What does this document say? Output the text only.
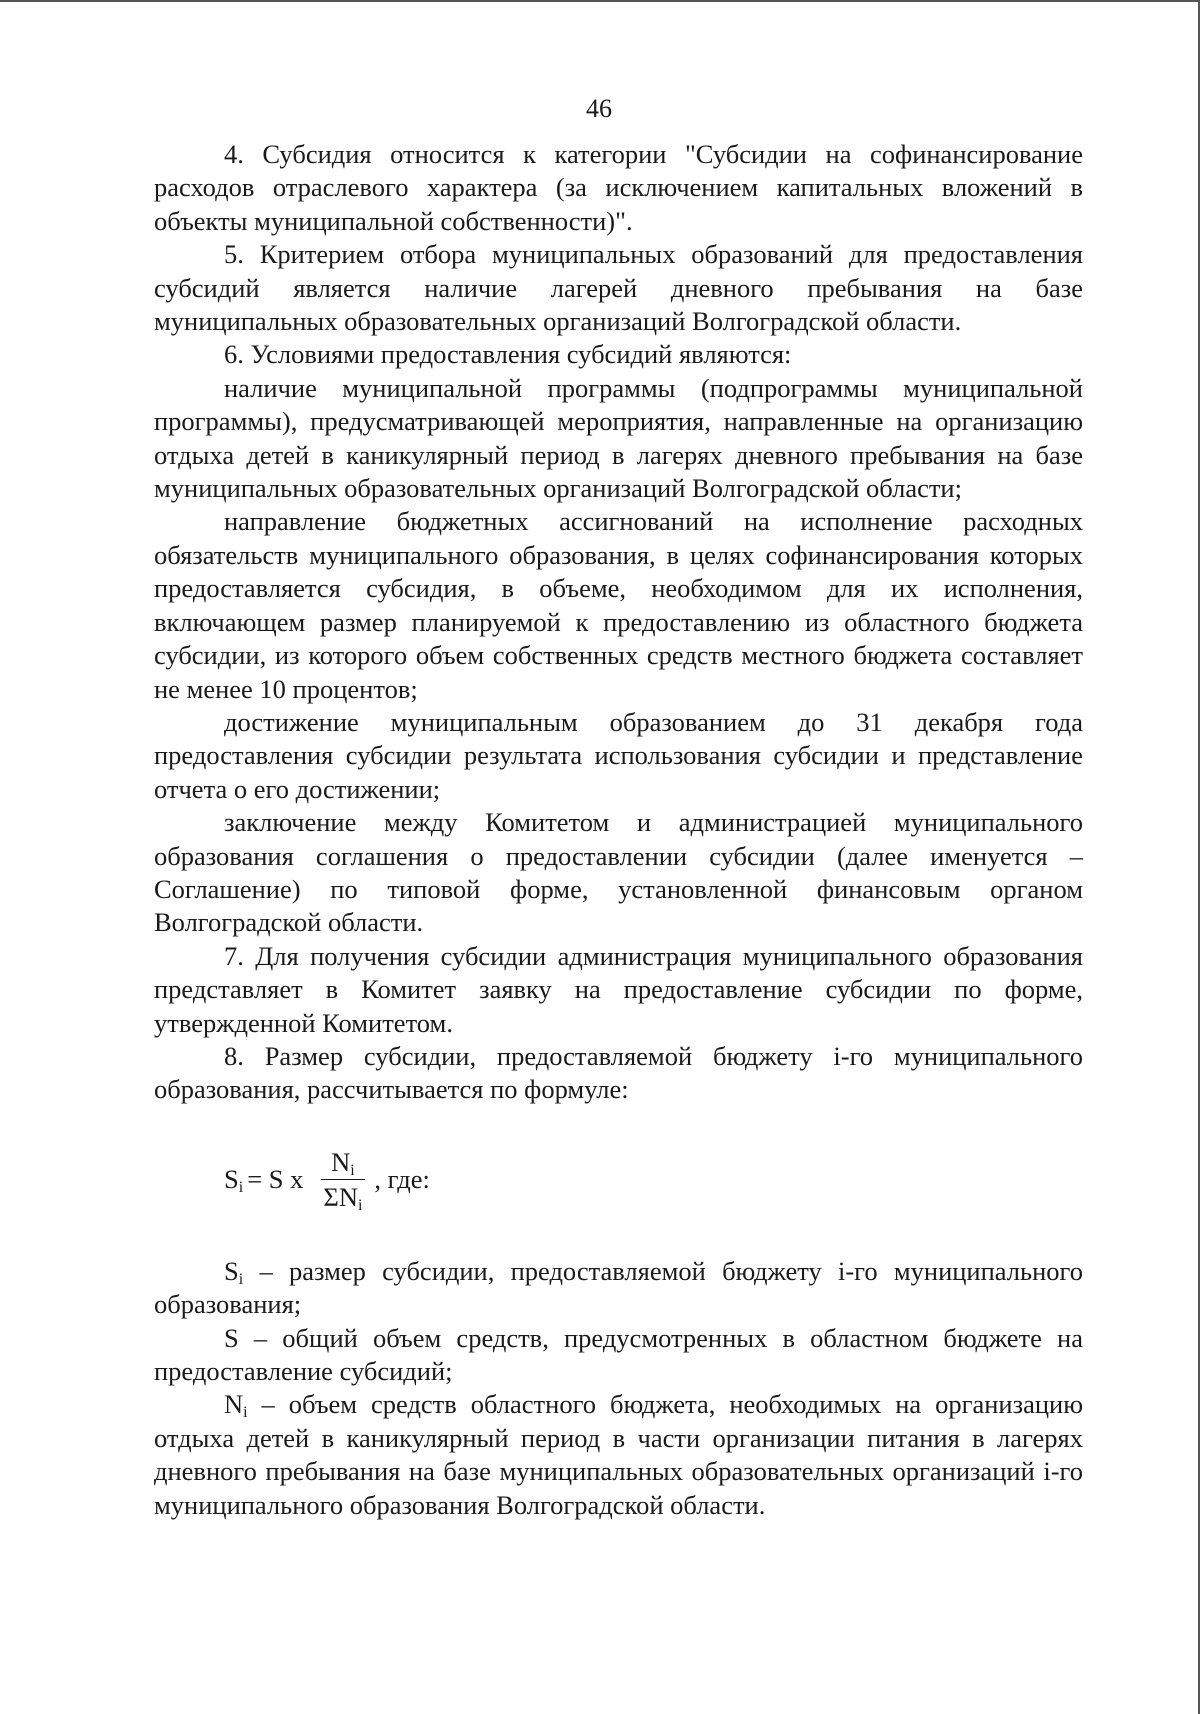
46

4. Субсидия относится к категории "Субсидии на софинансирование расходов отраслевого характера (за исключением капитальных вложений в объекты муниципальной собственности)".

5. Критерием отбора муниципальных образований для предоставления субсидий является наличие лагерей дневного пребывания на базе муниципальных образовательных организаций Волгоградской области.

6. Условиями предоставления субсидий являются:

наличие муниципальной программы (подпрограммы муниципальной программы), предусматривающей мероприятия, направленные на организацию отдыха детей в каникулярный период в лагерях дневного пребывания на базе муниципальных образовательных организаций Волгоградской области;

направление бюджетных ассигнований на исполнение расходных обязательств муниципального образования, в целях софинансирования которых предоставляется субсидия, в объеме, необходимом для их исполнения, включающем размер планируемой к предоставлению из областного бюджета субсидии, из которого объем собственных средств местного бюджета составляет не менее 10 процентов;

достижение муниципальным образованием до 31 декабря года предоставления субсидии результата использования субсидии и представление отчета о его достижении;

заключение между Комитетом и администрацией муниципального образования соглашения о предоставлении субсидии (далее именуется – Соглашение) по типовой форме, установленной финансовым органом Волгоградской области.

7. Для получения субсидии администрация муниципального образования представляет в Комитет заявку на предоставление субсидии по форме, утвержденной Комитетом.

8. Размер субсидии, предоставляемой бюджету i-го муниципального образования, рассчитывается по формуле:

$S_i = S$ x $\frac{N_i}{\Sigma N_i}$ , где:

$S_i$ – размер субсидии, предоставляемой бюджету i-го муниципального образования;

S – общий объем средств, предусмотренных в областном бюджете на предоставление субсидий;

$N_i$ – объем средств областного бюджета, необходимых на организацию отдыха детей в каникулярный период в части организации питания в лагерях дневного пребывания на базе муниципальных образовательных организаций i-го муниципального образования Волгоградской области.
